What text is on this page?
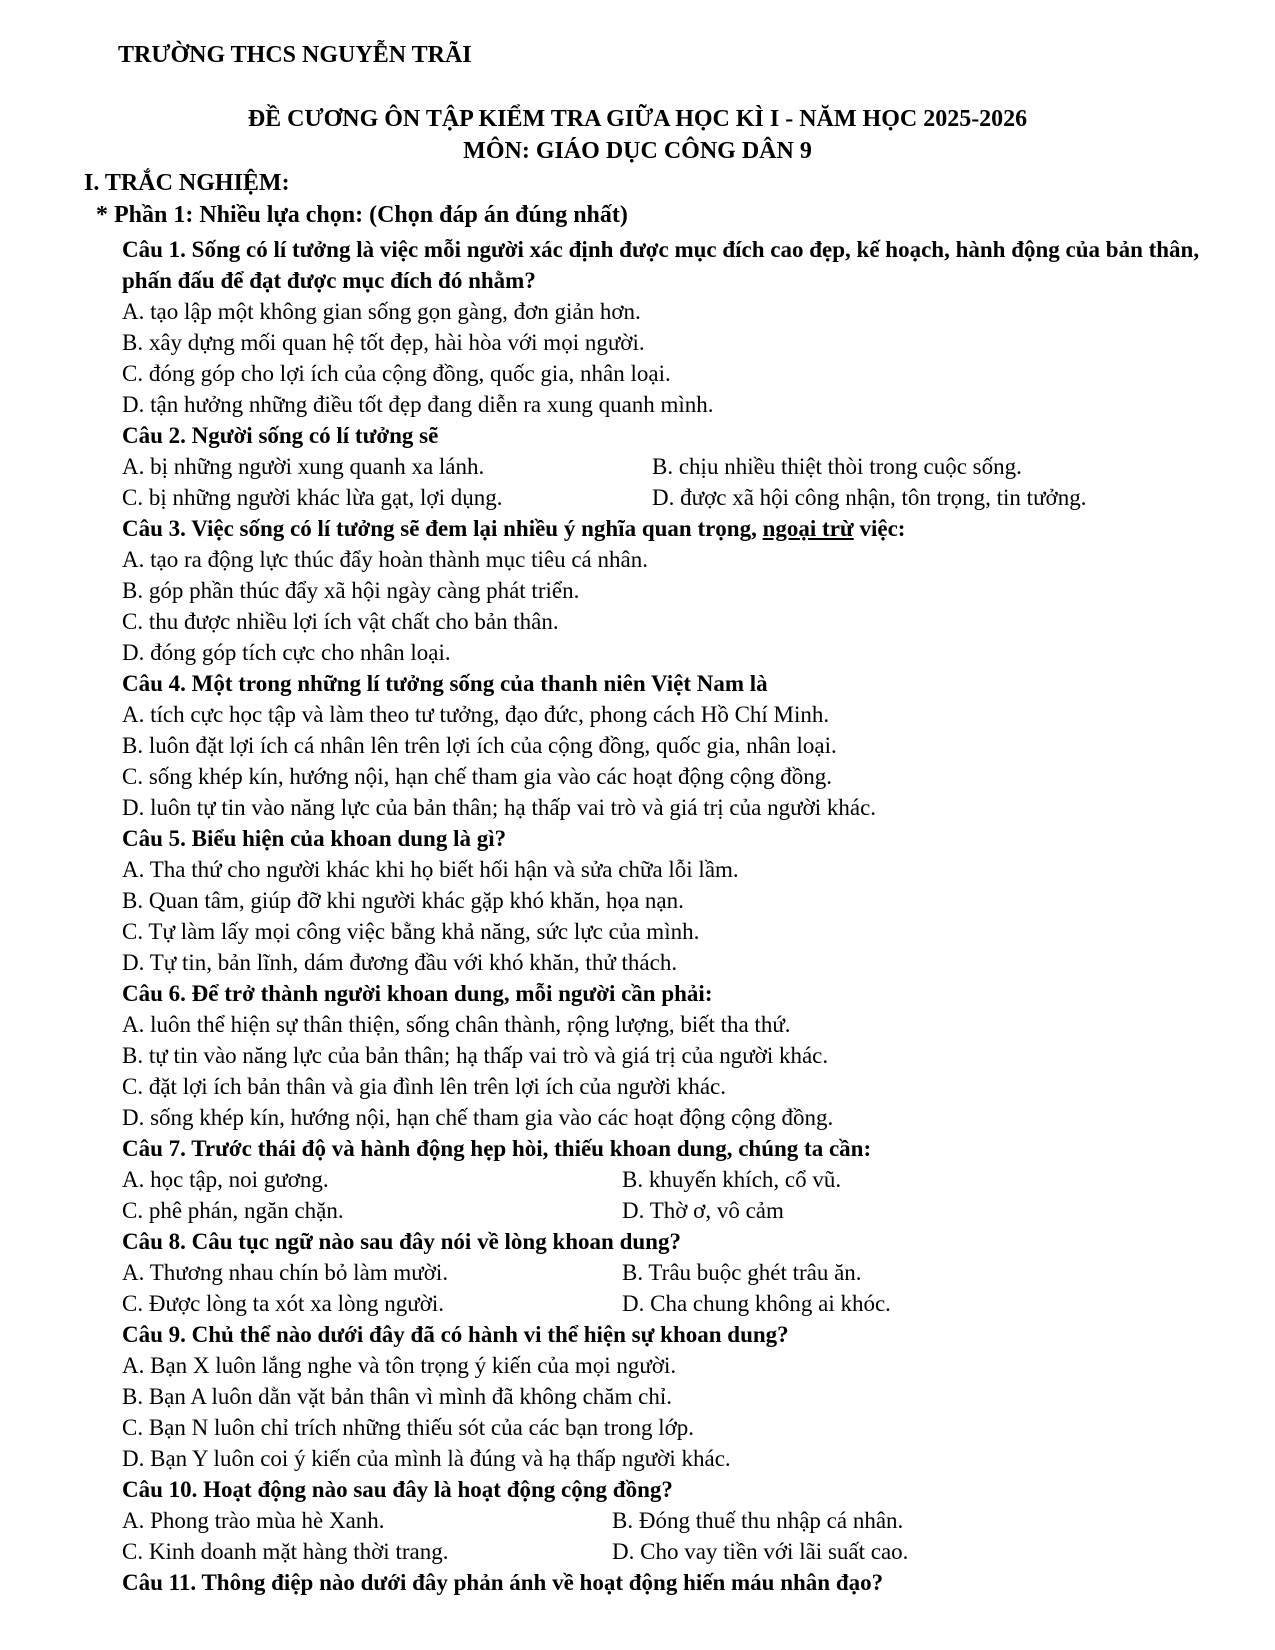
TRƯỜNG THCS NGUYỄN TRÃI
ĐỀ CƯƠNG ÔN TẬP KIỂM TRA GIỮA HỌC KÌ I - NĂM HỌC 2025-2026
MÔN: GIÁO DỤC CÔNG DÂN 9
I. TRẮC NGHIỆM:
* Phần 1: Nhiều lựa chọn: (Chọn đáp án đúng nhất)

Câu 1. Sống có lí tưởng là việc mỗi người xác định được mục đích cao đẹp, kế hoạch, hành động của bản thân, phấn đấu để đạt được mục đích đó nhằm?

A. tạo lập một không gian sống gọn gàng, đơn giản hơn.

B. xây dựng mối quan hệ tốt đẹp, hài hòa với mọi người.

C. đóng góp cho lợi ích của cộng đồng, quốc gia, nhân loại.

D. tận hưởng những điều tốt đẹp đang diễn ra xung quanh mình.

Câu 2. Người sống có lí tưởng sẽ

A. bị những người xung quanh xa lánh.	B. chịu nhiều thiệt thòi trong cuộc sống.
C. bị những người khác lừa gạt, lợi dụng.	D. được xã hội công nhận, tôn trọng, tin tưởng.

Câu 3. Việc sống có lí tưởng sẽ đem lại nhiều ý nghĩa quan trọng, ngoại trừ việc:

A. tạo ra động lực thúc đẩy hoàn thành mục tiêu cá nhân.

B. góp phần thúc đẩy xã hội ngày càng phát triển.

C. thu được nhiều lợi ích vật chất cho bản thân.

D. đóng góp tích cực cho nhân loại.

Câu 4. Một trong những lí tưởng sống của thanh niên Việt Nam là

A. tích cực học tập và làm theo tư tưởng, đạo đức, phong cách Hồ Chí Minh.

B. luôn đặt lợi ích cá nhân lên trên lợi ích của cộng đồng, quốc gia, nhân loại.

C. sống khép kín, hướng nội, hạn chế tham gia vào các hoạt động cộng đồng.

D. luôn tự tin vào năng lực của bản thân; hạ thấp vai trò và giá trị của người khác.

Câu 5. Biểu hiện của khoan dung là gì?

A. Tha thứ cho người khác khi họ biết hối hận và sửa chữa lỗi lầm.

B. Quan tâm, giúp đỡ khi người khác gặp khó khăn, họa nạn.

C. Tự làm lấy mọi công việc bằng khả năng, sức lực của mình.

D. Tự tin, bản lĩnh, dám đương đầu với khó khăn, thử thách.

Câu 6. Để trở thành người khoan dung, mỗi người cần phải:

A. luôn thể hiện sự thân thiện, sống chân thành, rộng lượng, biết tha thứ.

B. tự tin vào năng lực của bản thân; hạ thấp vai trò và giá trị của người khác.

C. đặt lợi ích bản thân và gia đình lên trên lợi ích của người khác.

D. sống khép kín, hướng nội, hạn chế tham gia vào các hoạt động cộng đồng.

Câu 7. Trước thái độ và hành động hẹp hòi, thiếu khoan dung, chúng ta cần:

A. học tập, noi gương.	B. khuyến khích, cổ vũ.
C. phê phán, ngăn chặn.	D. Thờ ơ, vô cảm

Câu 8. Câu tục ngữ nào sau đây nói về lòng khoan dung?

A. Thương nhau chín bỏ làm mười.	B. Trâu buộc ghét trâu ăn.
C. Được lòng ta xót xa lòng người.	D. Cha chung không ai khóc.

Câu 9. Chủ thể nào dưới đây đã có hành vi thể hiện sự khoan dung?

A. Bạn X luôn lắng nghe và tôn trọng ý kiến của mọi người.

B. Bạn A luôn dằn vặt bản thân vì mình đã không chăm chỉ.

C. Bạn N luôn chỉ trích những thiếu sót của các bạn trong lớp.

D. Bạn Y luôn coi ý kiến của mình là đúng và hạ thấp người khác.

Câu 10. Hoạt động nào sau đây là hoạt động cộng đồng?

A. Phong trào mùa hè Xanh.	B. Đóng thuế thu nhập cá nhân.
C. Kinh doanh mặt hàng thời trang.	D. Cho vay tiền với lãi suất cao.

Câu 11. Thông điệp nào dưới đây phản ánh về hoạt động hiến máu nhân đạo?
